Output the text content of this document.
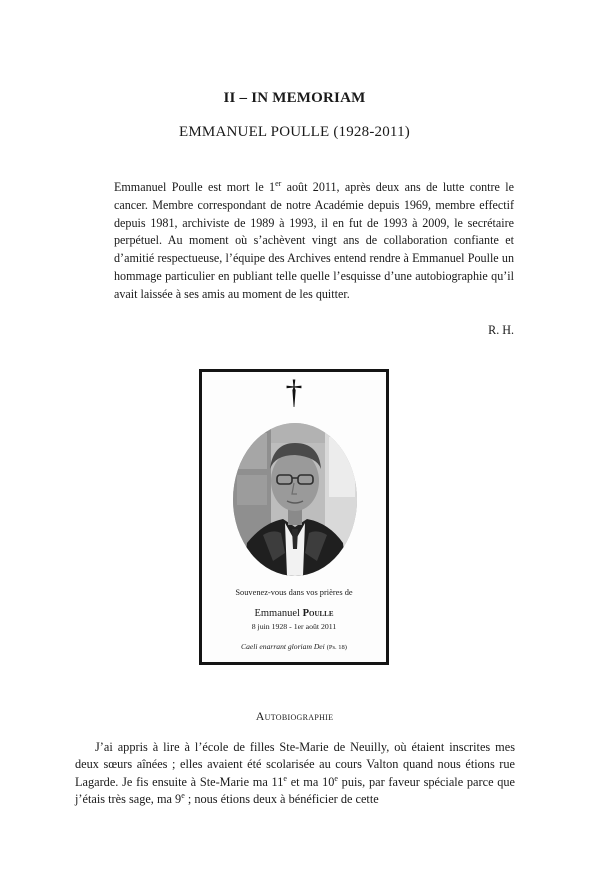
II – IN MEMORIAM
EMMANUEL POULLE (1928-2011)

Emmanuel Poulle est mort le 1er août 2011, après deux ans de lutte contre le cancer. Membre correspondant de notre Académie depuis 1969, membre effectif depuis 1981, archiviste de 1989 à 1993, il en fut de 1993 à 2009, le secrétaire perpétuel. Au moment où s’achèvent vingt ans de collaboration confiante et d’amitié respectueuse, l’équipe des Archives entend rendre à Emmanuel Poulle un hommage particulier en publiant telle quelle l’esquisse d’une autobiographie qu’il avait laissée à ses amis au moment de les quitter.

R. H.
†
Souvenez-vous dans vos prières de
Emmanuel Poulle
8 juin 1928 - 1er août 2011
Caeli enarrant gloriam Dei (Ps. 18)
Autobiographie

J’ai appris à lire à l’école de filles Ste-Marie de Neuilly, où étaient inscrites mes deux sœurs aînées ; elles avaient été scolarisée au cours Valton quand nous étions rue Lagarde. Je fis ensuite à Ste-Marie ma 11e et ma 10e puis, par faveur spéciale parce que j’étais très sage, ma 9e ; nous étions deux à bénéficier de cette
